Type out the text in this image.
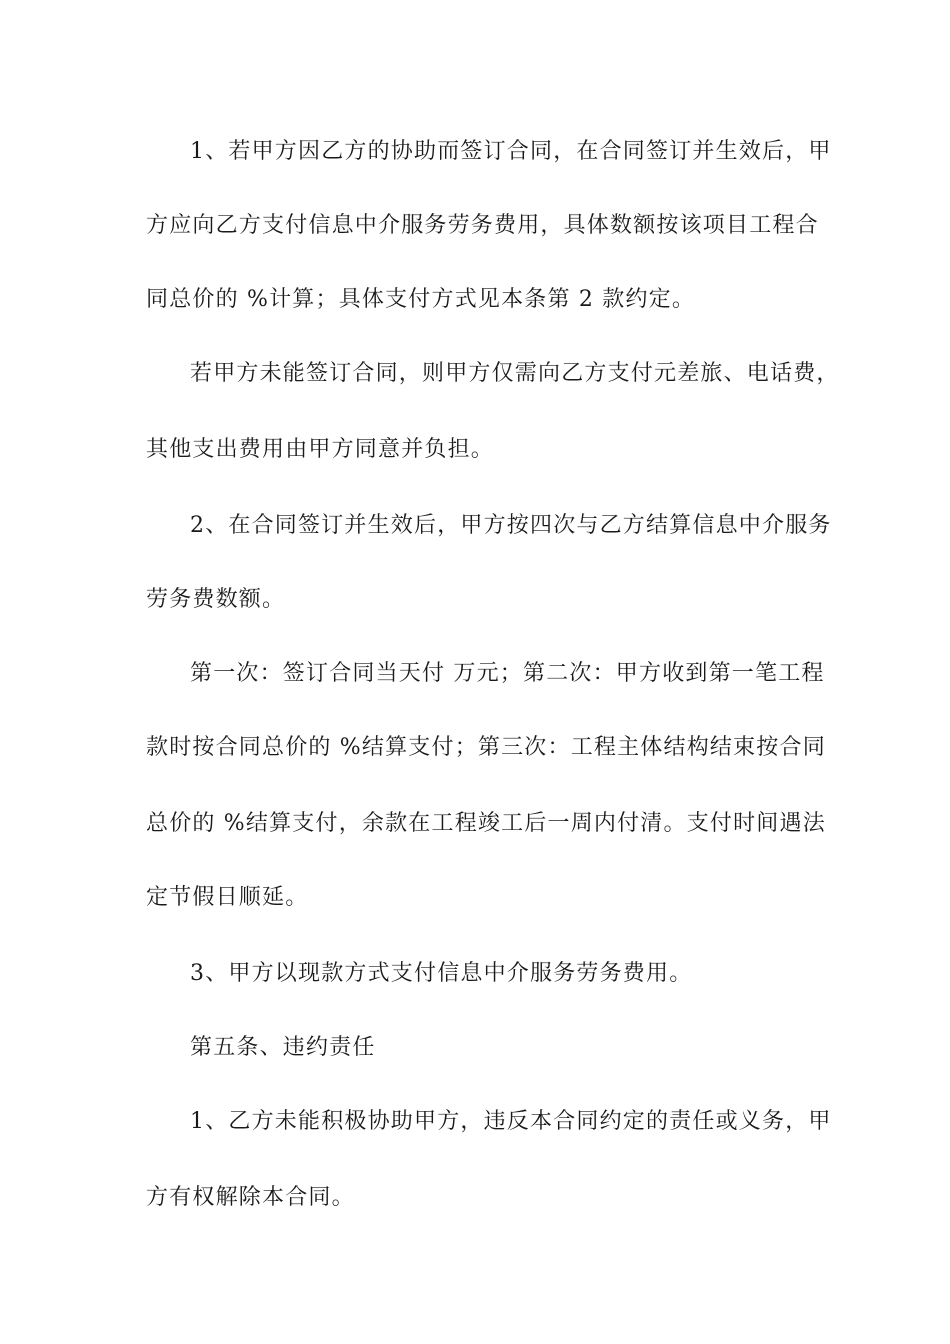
1、若甲方因乙方的协助而签订合同，在合同签订并生效后，甲
方应向乙方支付信息中介服务劳务费用，具体数额按该项目工程合
同总价的 %计算；具体支付方式见本条第 2 款约定。
若甲方未能签订合同，则甲方仅需向乙方支付元差旅、电话费，
其他支出费用由甲方同意并负担。
2、在合同签订并生效后，甲方按四次与乙方结算信息中介服务
劳务费数额。
第一次：签订合同当天付 万元；第二次：甲方收到第一笔工程
款时按合同总价的 %结算支付；第三次：工程主体结构结束按合同
总价的 %结算支付，余款在工程竣工后一周内付清。支付时间遇法
定节假日顺延。
3、甲方以现款方式支付信息中介服务劳务费用。
第五条、违约责任
1、乙方未能积极协助甲方，违反本合同约定的责任或义务，甲
方有权解除本合同。
